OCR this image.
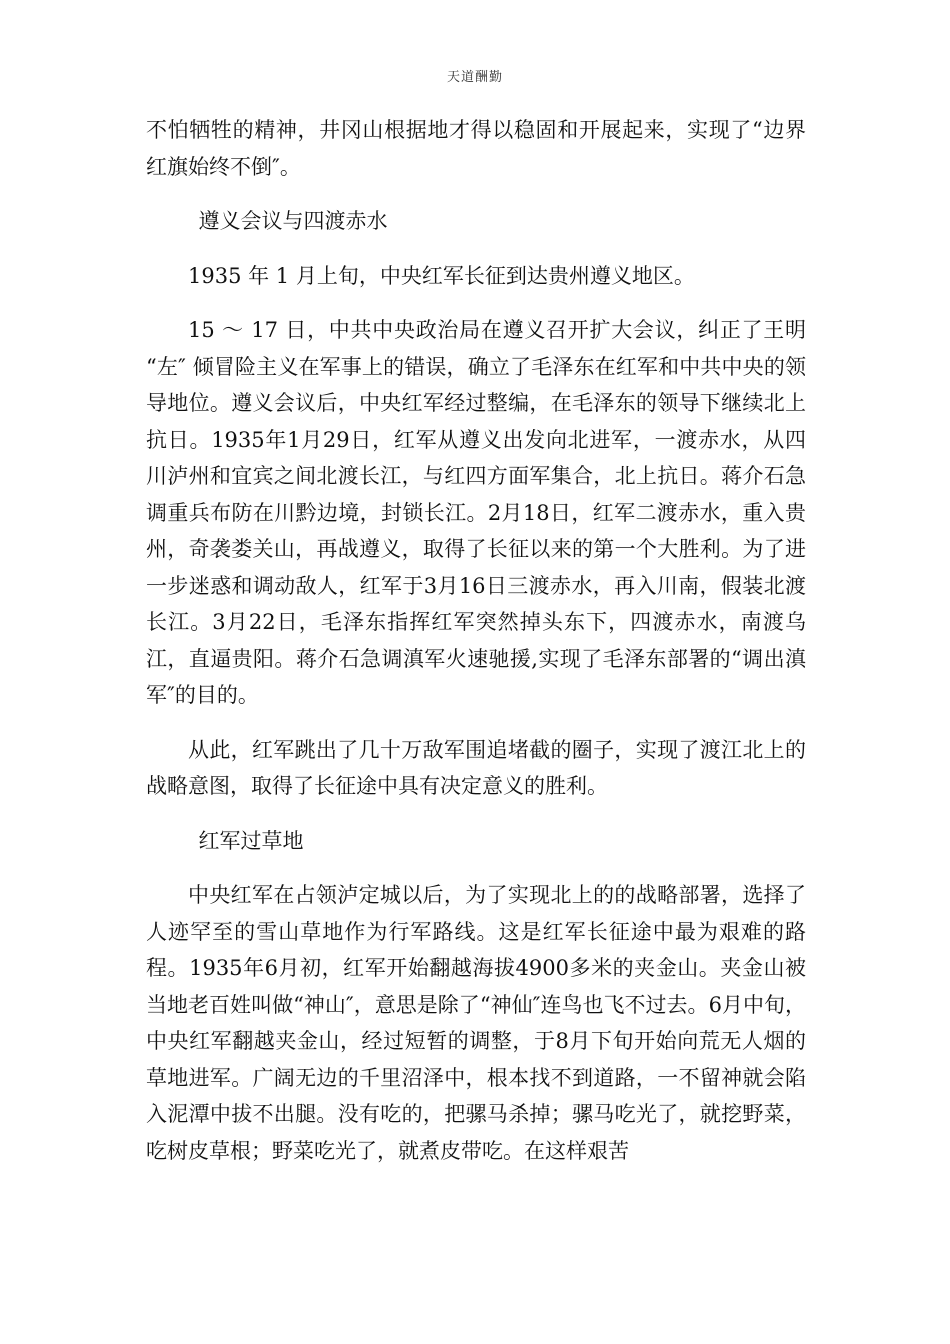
天道酬勤

不怕牺牲的精神，井冈山根据地才得以稳固和开展起来，实现了“边界红旗始终不倒″。

遵义会议与四渡赤水

1935 年 1 月上旬，中央红军长征到达贵州遵义地区。

15 ～ 17 日，中共中央政治局在遵义召开扩大会议，纠正了王明 “左″ 倾冒险主义在军事上的错误，确立了毛泽东在红军和中共中央的领导地位。遵义会议后，中央红军经过整编，在毛泽东的领导下继续北上抗日。1935年1月29日，红军从遵义出发向北进军，一渡赤水，从四川泸州和宜宾之间北渡长江，与红四方面军集合，北上抗日。蒋介石急调重兵布防在川黔边境，封锁长江。2月18日，红军二渡赤水，重入贵州，奇袭娄关山，再战遵义，取得了长征以来的第一个大胜利。为了进一步迷惑和调动敌人，红军于3月16日三渡赤水，再入川南，假装北渡长江。3月22日，毛泽东指挥红军突然掉头东下，四渡赤水，南渡乌江，直逼贵阳。蒋介石急调滇军火速驰援,实现了毛泽东部署的“调出滇军″的目的。

从此，红军跳出了几十万敌军围追堵截的圈子，实现了渡江北上的战略意图，取得了长征途中具有决定意义的胜利。

红军过草地

中央红军在占领泸定城以后，为了实现北上的的战略部署，选择了人迹罕至的雪山草地作为行军路线。这是红军长征途中最为艰难的路程。1935年6月初，红军开始翻越海拔4900多米的夹金山。夹金山被当地老百姓叫做“神山″，意思是除了“神仙″连鸟也飞不过去。6月中旬，中央红军翻越夹金山，经过短暂的调整，于8月下旬开始向荒无人烟的草地进军。广阔无边的千里沼泽中，根本找不到道路，一不留神就会陷入泥潭中拔不出腿。没有吃的，把骡马杀掉；骡马吃光了，就挖野菜，吃树皮草根；野菜吃光了，就煮皮带吃。在这样艰苦
